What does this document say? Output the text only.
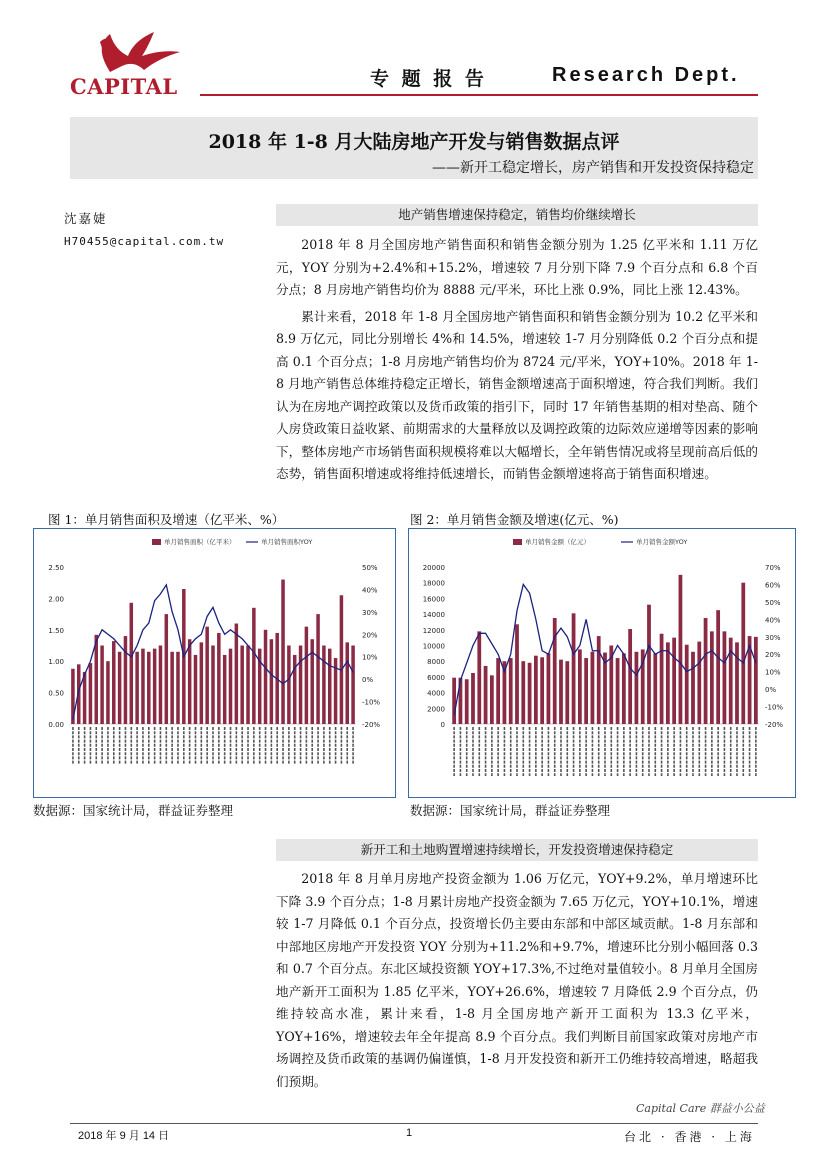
CAPITAL	专 题 报 告	Research Dept.
2018 年 1-8 月大陆房地产开发与销售数据点评
——新开工稳定增长，房产销售和开发投资保持稳定
沈嘉婕
H70455@capital.com.tw
地产销售增速保持稳定，销售均价继续增长

2018 年 8 月全国房地产销售面积和销售金额分别为 1.25 亿平米和 1.11 万亿元，YOY 分别为+2.4%和+15.2%，增速较 7 月分别下降 7.9 个百分点和 6.8 个百分点；8 月房地产销售均价为 8888 元/平米，环比上涨 0.9%，同比上涨 12.43%。

累计来看，2018 年 1-8 月全国房地产销售面积和销售金额分别为 10.2 亿平米和 8.9 万亿元，同比分别增长 4%和 14.5%，增速较 1-7 月分别降低 0.2 个百分点和提高 0.1 个百分点；1-8 月房地产销售均价为 8724 元/平米，YOY+10%。2018 年 1-8 月地产销售总体维持稳定正增长，销售金额增速高于面积增速，符合我们判断。我们认为在房地产调控政策以及货币政策的指引下，同时 17 年销售基期的相对垫高、随个人房贷政策日益收紧、前期需求的大量释放以及调控政策的边际效应递增等因素的影响下，整体房地产市场销售面积规模将难以大幅增长，全年销售情况或将呈现前高后低的态势，销售面积增速或将维持低速增长，而销售金额增速将高于销售面积增速。

图 1：单月销售面积及增速（亿平米、%）	图 2：单月销售金额及增速(亿元、%)
单月销售面积（亿平米）	单月销售面积YOY
0.00
0.50
1.00
1.50
2.00
2.50
-20%
-10%
0%
10%
20%
30%
40%
50%
单月销售金额（亿元）	单月销售金额YOY
0
2000
4000
6000
8000
10000
12000
14000
16000
18000
20000
-20%
-10%
0%
10%
20%
30%
40%
50%
60%
70%
数据源：国家统计局，群益证券整理	数据源：国家统计局，群益证券整理
新开工和土地购置增速持续增长，开发投资增速保持稳定

2018 年 8 月单月房地产投资金额为 1.06 万亿元，YOY+9.2%，单月增速环比下降 3.9 个百分点；1-8 月累计房地产投资金额为 7.65 万亿元，YOY+10.1%，增速较 1-7 月降低 0.1 个百分点，投资增长仍主要由东部和中部区域贡献。1-8 月东部和中部地区房地产开发投资 YOY 分别为+11.2%和+9.7%，增速环比分别小幅回落 0.3 和 0.7 个百分点。东北区域投资额 YOY+17.3%,不过绝对量值较小。8 月单月全国房地产新开工面积为 1.85 亿平米，YOY+26.6%，增速较 7 月降低 2.9 个百分点，仍维持较高水准，累计来看，1-8 月全国房地产新开工面积为 13.3 亿平米，YOY+16%，增速较去年全年提高 8.9 个百分点。我们判断目前国家政策对房地产市场调控及货币政策的基调仍偏谨慎，1-8 月开发投资和新开工仍维持较高增速，略超我们预期。

2018 年 9 月 14 日	1
Capital Care 群益小公益
台北 · 香港 · 上海
